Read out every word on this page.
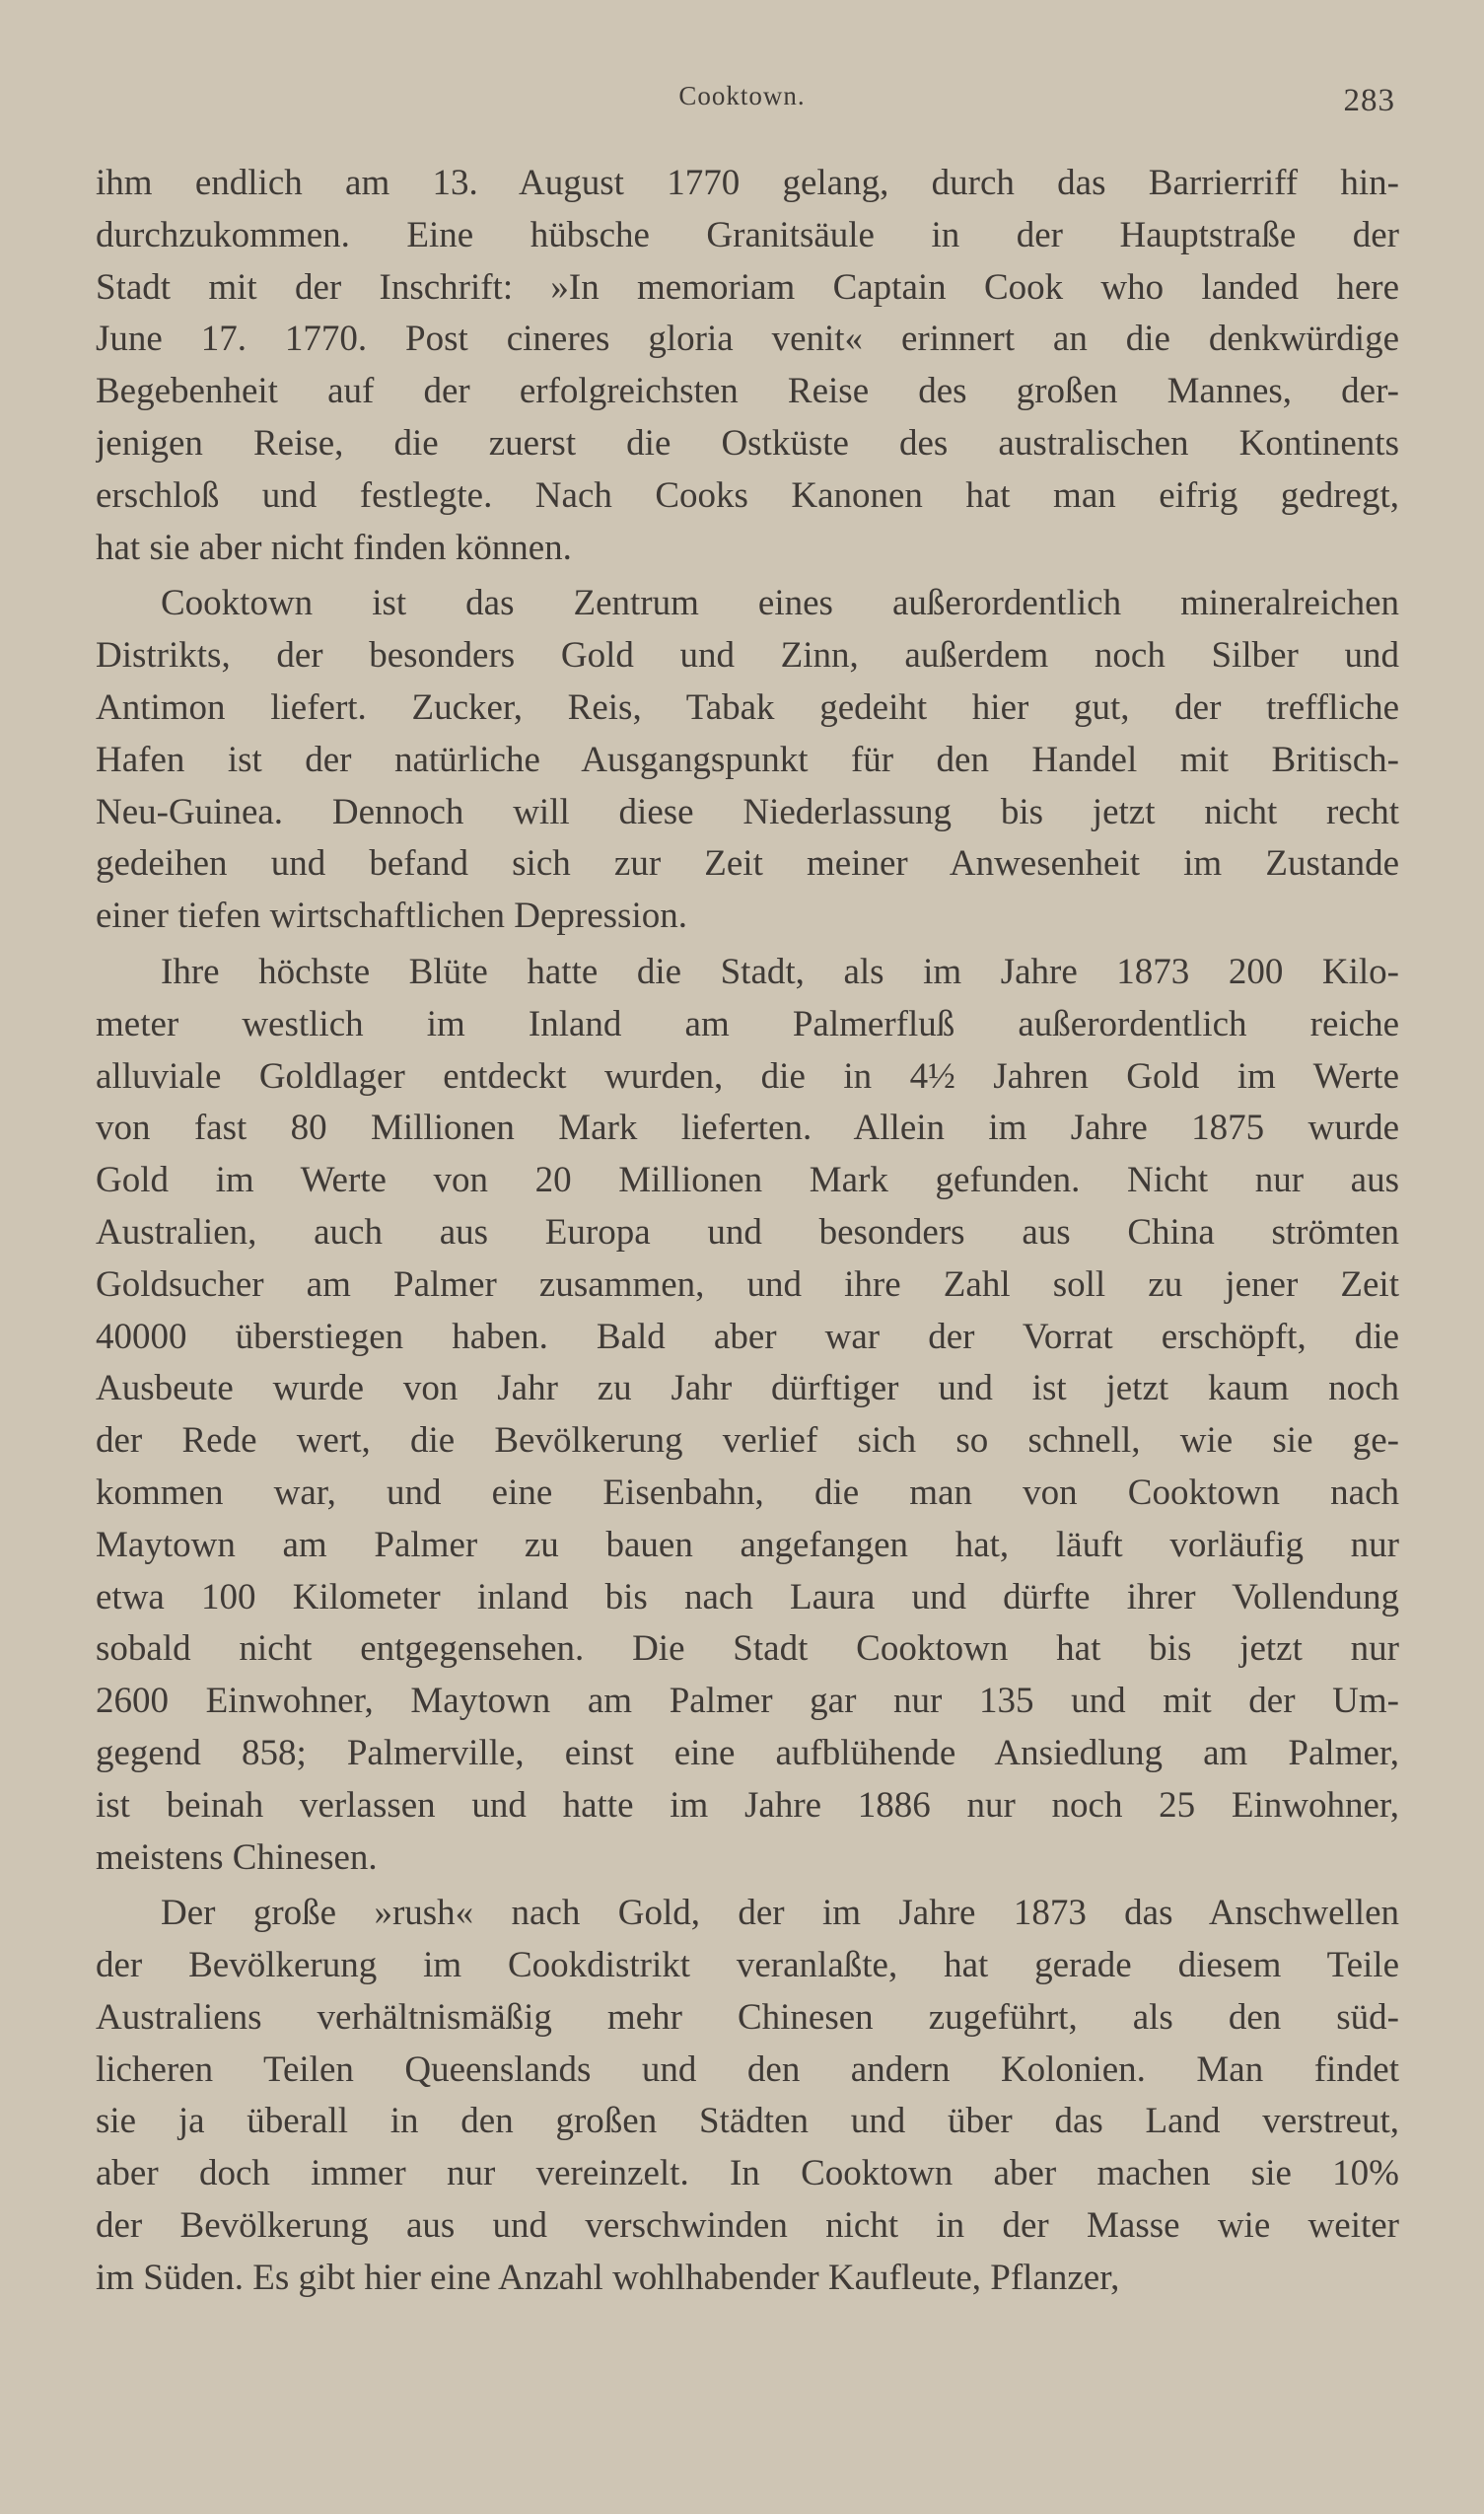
Cooktown.	283
ihm endlich am 13. August 1770 gelang, durch das Barrierriff hin-
durchzukommen. Eine hübsche Granitsäule in der Hauptstraße der
Stadt mit der Inschrift: »In memoriam Captain Cook who landed here
June 17. 1770. Post cineres gloria venit« erinnert an die denkwürdige
Begebenheit auf der erfolgreichsten Reise des großen Mannes, der-
jenigen Reise, die zuerst die Ostküste des australischen Kontinents
erschloß und festlegte. Nach Cooks Kanonen hat man eifrig gedregt,
hat sie aber nicht finden können.
Cooktown ist das Zentrum eines außerordentlich mineralreichen
Distrikts, der besonders Gold und Zinn, außerdem noch Silber und
Antimon liefert. Zucker, Reis, Tabak gedeiht hier gut, der treffliche
Hafen ist der natürliche Ausgangspunkt für den Handel mit Britisch-
Neu-Guinea. Dennoch will diese Niederlassung bis jetzt nicht recht
gedeihen und befand sich zur Zeit meiner Anwesenheit im Zustande
einer tiefen wirtschaftlichen Depression.
Ihre höchste Blüte hatte die Stadt, als im Jahre 1873 200 Kilo-
meter westlich im Inland am Palmerfluß außerordentlich reiche
alluviale Goldlager entdeckt wurden, die in 4½ Jahren Gold im Werte
von fast 80 Millionen Mark lieferten. Allein im Jahre 1875 wurde
Gold im Werte von 20 Millionen Mark gefunden. Nicht nur aus
Australien, auch aus Europa und besonders aus China strömten
Goldsucher am Palmer zusammen, und ihre Zahl soll zu jener Zeit
40000 überstiegen haben. Bald aber war der Vorrat erschöpft, die
Ausbeute wurde von Jahr zu Jahr dürftiger und ist jetzt kaum noch
der Rede wert, die Bevölkerung verlief sich so schnell, wie sie ge-
kommen war, und eine Eisenbahn, die man von Cooktown nach
Maytown am Palmer zu bauen angefangen hat, läuft vorläufig nur
etwa 100 Kilometer inland bis nach Laura und dürfte ihrer Vollendung
sobald nicht entgegensehen. Die Stadt Cooktown hat bis jetzt nur
2600 Einwohner, Maytown am Palmer gar nur 135 und mit der Um-
gegend 858; Palmerville, einst eine aufblühende Ansiedlung am Palmer,
ist beinah verlassen und hatte im Jahre 1886 nur noch 25 Einwohner,
meistens Chinesen.
Der große »rush« nach Gold, der im Jahre 1873 das Anschwellen
der Bevölkerung im Cookdistrikt veranlaßte, hat gerade diesem Teile
Australiens verhältnismäßig mehr Chinesen zugeführt, als den süd-
licheren Teilen Queenslands und den andern Kolonien. Man findet
sie ja überall in den großen Städten und über das Land verstreut,
aber doch immer nur vereinzelt. In Cooktown aber machen sie 10%
der Bevölkerung aus und verschwinden nicht in der Masse wie weiter
im Süden. Es gibt hier eine Anzahl wohlhabender Kaufleute, Pflanzer,
